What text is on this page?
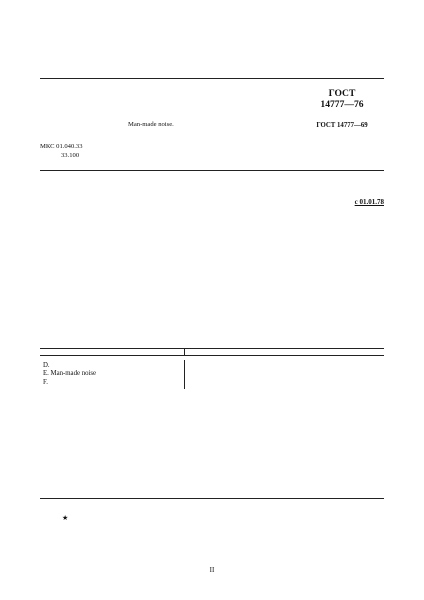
Man-made noise.
ГОСТ
14777—76
ГОСТ 14777—69
МКС 01.040.33
33.100
с 01.01.78

D.
E. Man-made noise
F.	

★
II
